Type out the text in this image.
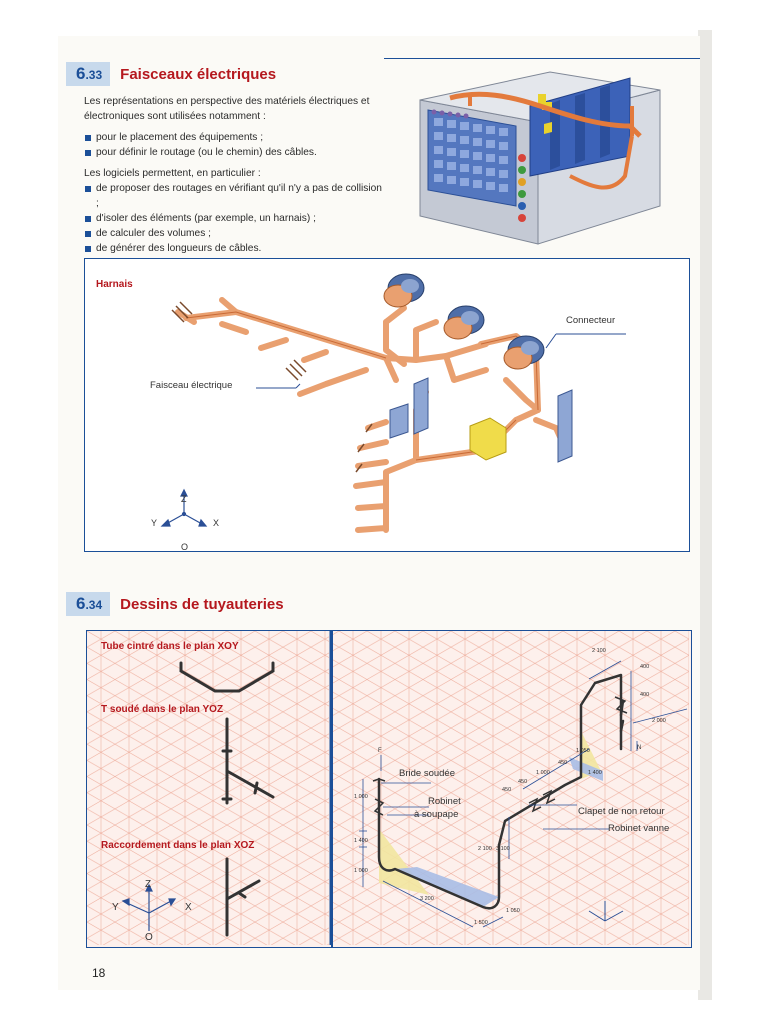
6.33	Faisceaux électriques

Les représentations en perspective des matériels électriques et électroniques sont utilisées notamment :

pour le placement des équipements ;
pour définir le routage (ou le chemin) des câbles.

Les logiciels permettent, en particulier :

de proposer des routages en vérifiant qu'il n'y a pas de collision ;
d'isoler des éléments (par exemple, un harnais) ;
de calculer des volumes ;
de générer des longueurs de câbles.
Harnais
Connecteur
Faisceau électrique
Z
Y	X
O
6.34	Dessins de tuyauteries
Tube cintré dans le plan XOY
T soudé dans le plan YOZ
Raccordement dans le plan XOZ
Z
Y	X
O
Bride soudée
Robinet
à soupape	Clapet de non retour
Robinet vanne
F	N
1 000
1 400
1 000
3 200
1 500
1 050
2 100 3 100
450
450
1 000
450
1 050
1 400
2 100
400
2 000
400
18
